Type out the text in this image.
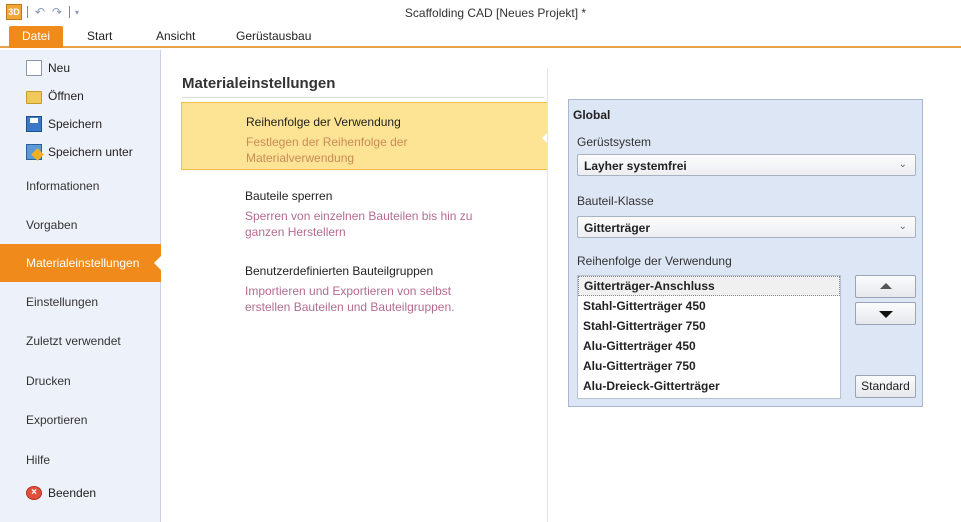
3D ↶ ↷ ▾	Scaffolding CAD [Neues Projekt] *
Datei	Start	Ansicht	Gerüstausbau
Neu
Öffnen
Speichern
Speichern unter
Informationen
Vorgaben
Materialeinstellungen
Einstellungen
Zuletzt verwendet
Drucken
Exportieren
Hilfe
× Beenden
Materialeinstellungen
Reihenfolge der Verwendung
Festlegen der Reihenfolge der Materialverwendung
Bauteile sperren
Sperren von einzelnen Bauteilen bis hin zu ganzen Herstellern
Benutzerdefinierten Bauteilgruppen
Importieren und Exportieren von selbst erstellen Bauteilen und Bauteilgruppen.
Global
Gerüstsystem
Layher systemfrei	⌄
Bauteil-Klasse
Gitterträger	⌄
Reihenfolge der Verwendung
Gitterträger-Anschluss
Stahl-Gitterträger 450
Stahl-Gitterträger 750
Alu-Gitterträger 450
Alu-Gitterträger 750
Alu-Dreieck-Gitterträger	Standard
